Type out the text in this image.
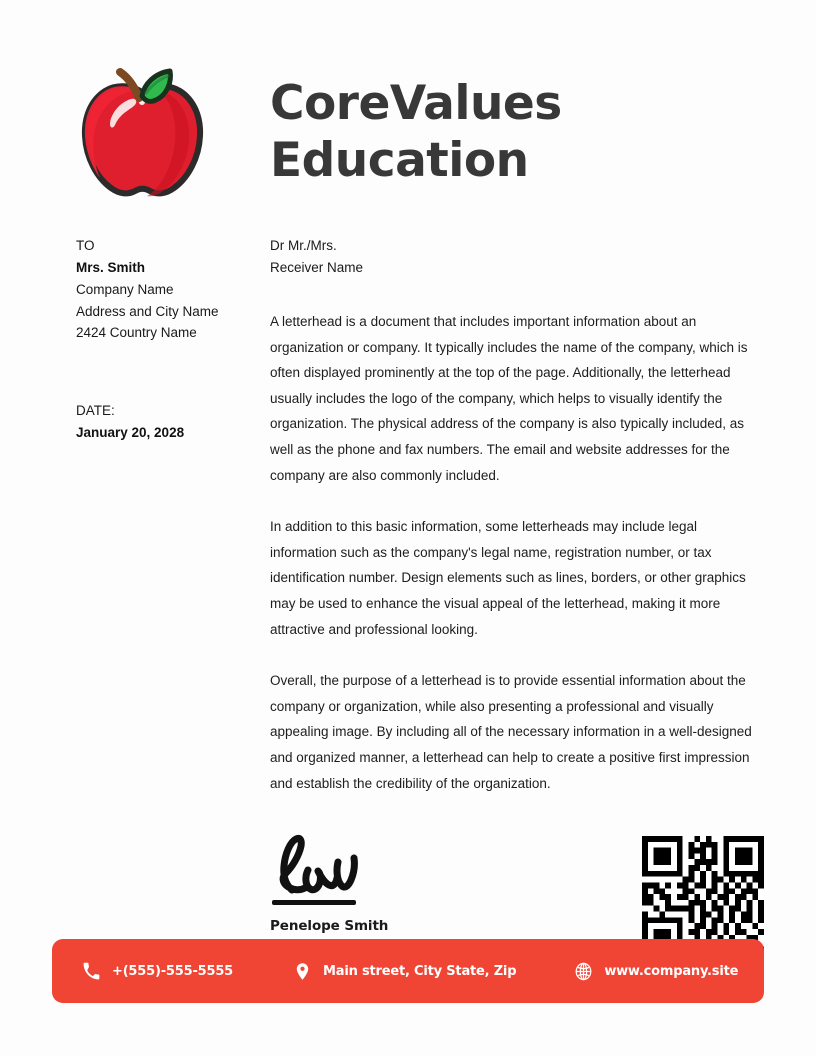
CoreValues
Education
TO
Mrs. Smith
Company Name
Address and City Name
2424 Country Name
DATE:
January 20, 2028
Dr Mr./Mrs.
Receiver Name

A letterhead is a document that includes important information about an organization or company. It typically includes the name of the company, which is often displayed prominently at the top of the page. Additionally, the letterhead usually includes the logo of the company, which helps to visually identify the organization. The physical address of the company is also typically included, as well as the phone and fax numbers. The email and website addresses for the company are also commonly included.

In addition to this basic information, some letterheads may include legal information such as the company's legal name, registration number, or tax identification number. Design elements such as lines, borders, or other graphics may be used to enhance the visual appeal of the letterhead, making it more attractive and professional looking.

Overall, the purpose of a letterhead is to provide essential information about the company or organization, while also presenting a professional and visually appealing image. By including all of the necessary information in a well-designed and organized manner, a letterhead can help to create a positive first impression and establish the credibility of the organization.

Penelope Smith
+(555)-555-5555	Main street, City State, Zip	www.company.site
